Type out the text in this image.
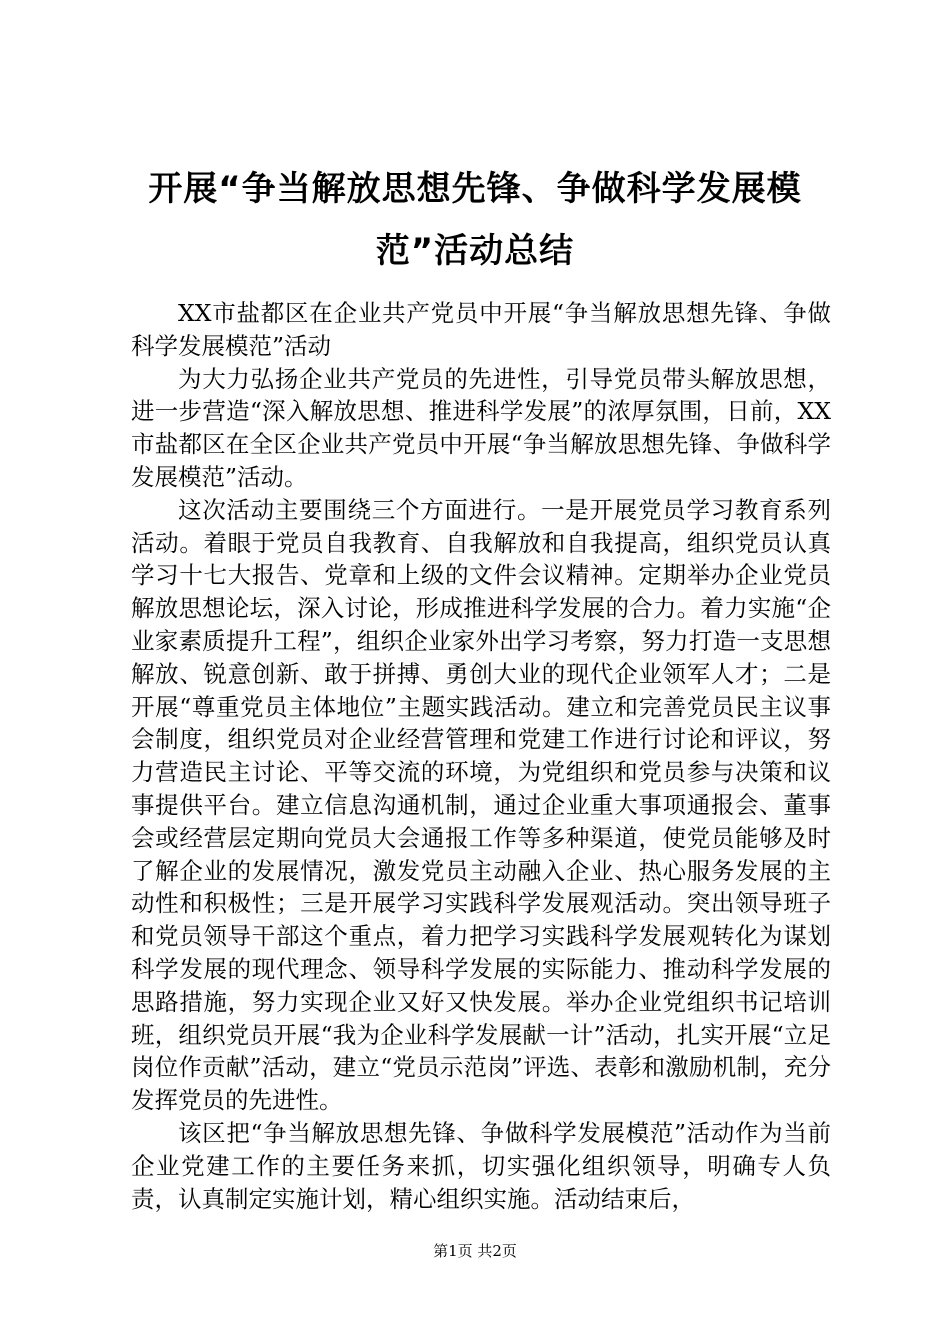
开展“争当解放思想先锋、争做科学发展模
范”活动总结

XX市盐都区在企业共产党员中开展“争当解放思想先锋、争做科学发展模范”活动

为大力弘扬企业共产党员的先进性，引导党员带头解放思想，进一步营造“深入解放思想、推进科学发展”的浓厚氛围，日前，XX市盐都区在全区企业共产党员中开展“争当解放思想先锋、争做科学发展模范”活动。

这次活动主要围绕三个方面进行。一是开展党员学习教育系列活动。着眼于党员自我教育、自我解放和自我提高，组织党员认真学习十七大报告、党章和上级的文件会议精神。定期举办企业党员解放思想论坛，深入讨论，形成推进科学发展的合力。着力实施“企业家素质提升工程”，组织企业家外出学习考察，努力打造一支思想解放、锐意创新、敢于拼搏、勇创大业的现代企业领军人才；二是开展“尊重党员主体地位”主题实践活动。建立和完善党员民主议事会制度，组织党员对企业经营管理和党建工作进行讨论和评议，努力营造民主讨论、平等交流的环境，为党组织和党员参与决策和议事提供平台。建立信息沟通机制，通过企业重大事项通报会、董事会或经营层定期向党员大会通报工作等多种渠道，使党员能够及时了解企业的发展情况，激发党员主动融入企业、热心服务发展的主动性和积极性；三是开展学习实践科学发展观活动。突出领导班子和党员领导干部这个重点，着力把学习实践科学发展观转化为谋划科学发展的现代理念、领导科学发展的实际能力、推动科学发展的思路措施，努力实现企业又好又快发展。举办企业党组织书记培训班，组织党员开展“我为企业科学发展献一计”活动，扎实开展“立足岗位作贡献”活动，建立“党员示范岗”评选、表彰和激励机制，充分发挥党员的先进性。

该区把“争当解放思想先锋、争做科学发展模范”活动作为当前企业党建工作的主要任务来抓，切实强化组织领导，明确专人负责，认真制定实施计划，精心组织实施。活动结束后，

第1页 共2页
